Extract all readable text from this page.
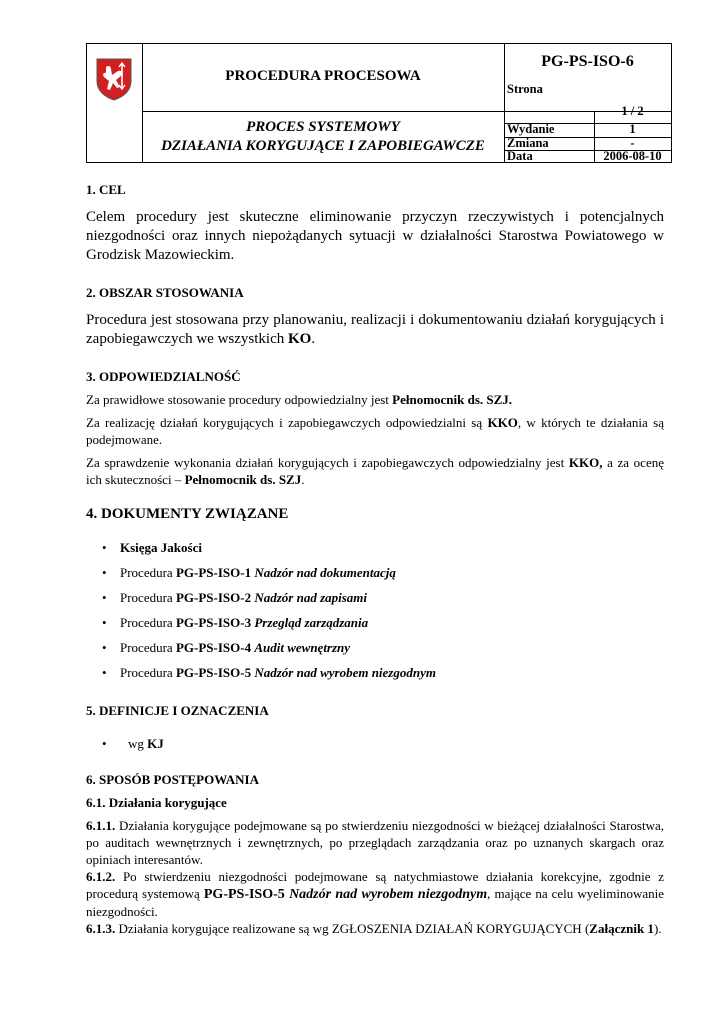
PROCEDURA PROCESOWA
PROCES SYSTEMOWY
DZIAŁANIA KORYGUJĄCE I ZAPOBIEGAWCZE
PG-PS-ISO-6
Strona
1 / 2
Wydanie	1
Zmiana	-
Data	2006-08-10
1. CEL

Celem procedury jest skuteczne eliminowanie przyczyn rzeczywistych i potencjalnych niezgodności oraz innych niepożądanych sytuacji w działalności Starostwa Powiatowego w Grodzisk Mazowieckim.

2. OBSZAR STOSOWANIA

Procedura jest stosowana przy planowaniu, realizacji i dokumentowaniu działań korygujących i zapobiegawczych we wszystkich KO.

3. ODPOWIEDZIALNOŚĆ

Za prawidłowe stosowanie procedury odpowiedzialny jest Pełnomocnik ds. SZJ.

Za realizację działań korygujących i zapobiegawczych odpowiedzialni są KKO, w których te działania są podejmowane.

Za sprawdzenie wykonania działań korygujących i zapobiegawczych odpowiedzialny jest KKO, a za ocenę ich skuteczności – Pełnomocnik ds. SZJ.

4. DOKUMENTY ZWIĄZANE
• Księga Jakości
• Procedura PG-PS-ISO-1 Nadzór nad dokumentacją
• Procedura PG-PS-ISO-2 Nadzór nad zapisami
• Procedura PG-PS-ISO-3 Przegląd zarządzania
• Procedura PG-PS-ISO-4 Audit wewnętrzny
• Procedura PG-PS-ISO-5 Nadzór nad wyrobem niezgodnym
5. DEFINICJE I OZNACZENIA
• wg KJ
6. SPOSÓB POSTĘPOWANIA
6.1. Działania korygujące

6.1.1. Działania korygujące podejmowane są po stwierdzeniu niezgodności w bieżącej działalności Starostwa, po auditach wewnętrznych i zewnętrznych, po przeglądach zarządzania oraz po uznanych skargach oraz opiniach interesantów.

6.1.2. Po stwierdzeniu niezgodności podejmowane są natychmiastowe działania korekcyjne, zgodnie z procedurą systemową PG-PS-ISO-5 Nadzór nad wyrobem niezgodnym, mające na celu wyeliminowanie niezgodności.

6.1.3. Działania korygujące realizowane są wg ZGŁOSZENIA DZIAŁAŃ KORYGUJĄCYCH (Załącznik 1).
